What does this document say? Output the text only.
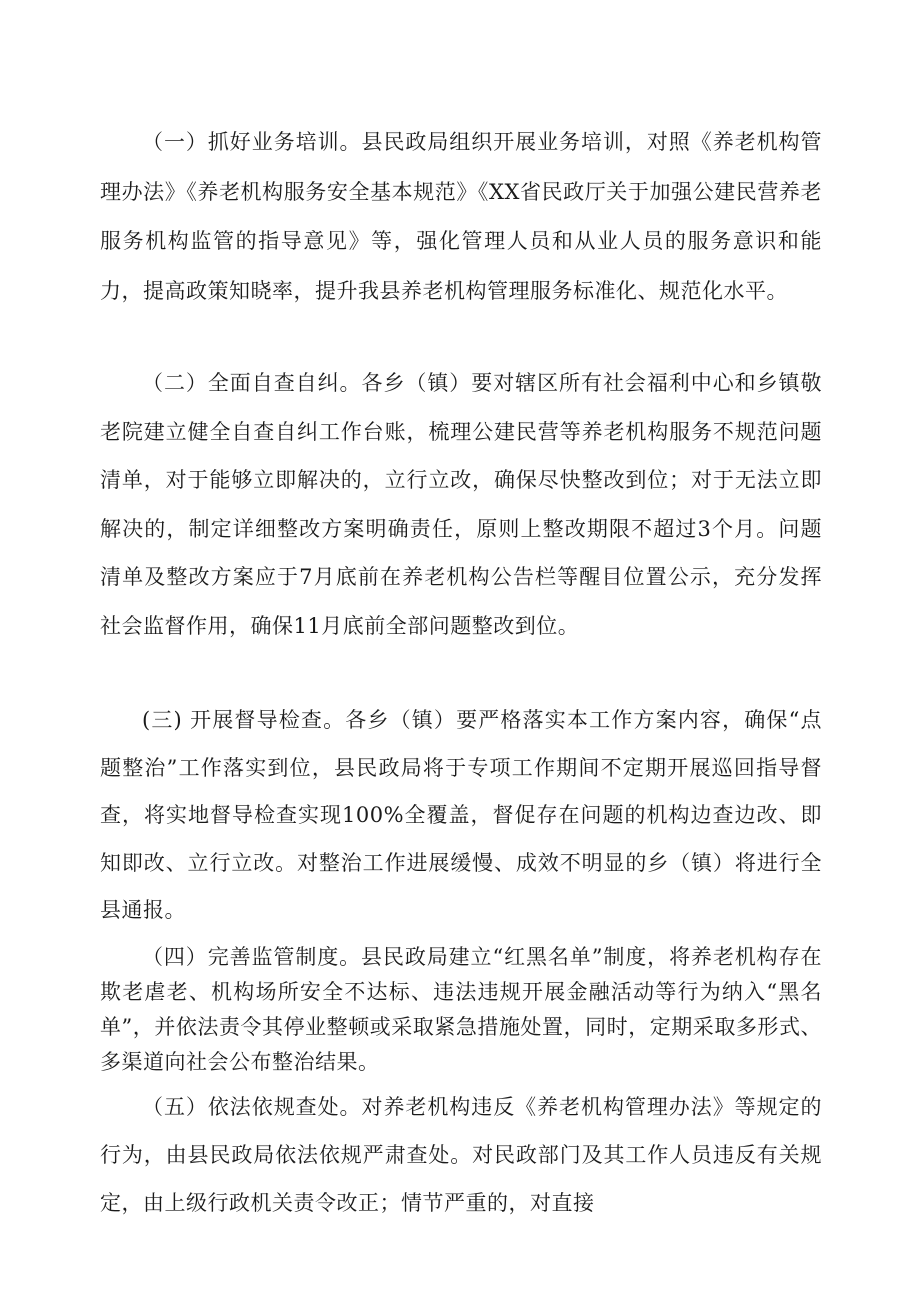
（一）抓好业务培训。县民政局组织开展业务培训，对照《养老机构管理办法》《养老机构服务安全基本规范》《XX省民政厅关于加强公建民营养老服务机构监管的指导意见》等，强化管理人员和从业人员的服务意识和能力，提高政策知晓率，提升我县养老机构管理服务标准化、规范化水平。

（二）全面自查自纠。各乡（镇）要对辖区所有社会福利中心和乡镇敬老院建立健全自查自纠工作台账，梳理公建民营等养老机构服务不规范问题清单，对于能够立即解决的，立行立改，确保尽快整改到位；对于无法立即解决的，制定详细整改方案明确责任，原则上整改期限不超过3个月。问题清单及整改方案应于7月底前在养老机构公告栏等醒目位置公示，充分发挥社会监督作用，确保11月底前全部问题整改到位。

(三) 开展督导检查。各乡（镇）要严格落实本工作方案内容，确保“点题整治”工作落实到位，县民政局将于专项工作期间不定期开展巡回指导督查，将实地督导检查实现100%全覆盖，督促存在问题的机构边查边改、即知即改、立行立改。对整治工作进展缓慢、成效不明显的乡（镇）将进行全县通报。

（四）完善监管制度。县民政局建立“红黑名单”制度，将养老机构存在欺老虐老、机构场所安全不达标、违法违规开展金融活动等行为纳入“黑名单”，并依法责令其停业整顿或采取紧急措施处置，同时，定期采取多形式、多渠道向社会公布整治结果。

（五）依法依规查处。对养老机构违反《养老机构管理办法》等规定的行为，由县民政局依法依规严肃查处。对民政部门及其工作人员违反有关规定，由上级行政机关责令改正；情节严重的，对直接
